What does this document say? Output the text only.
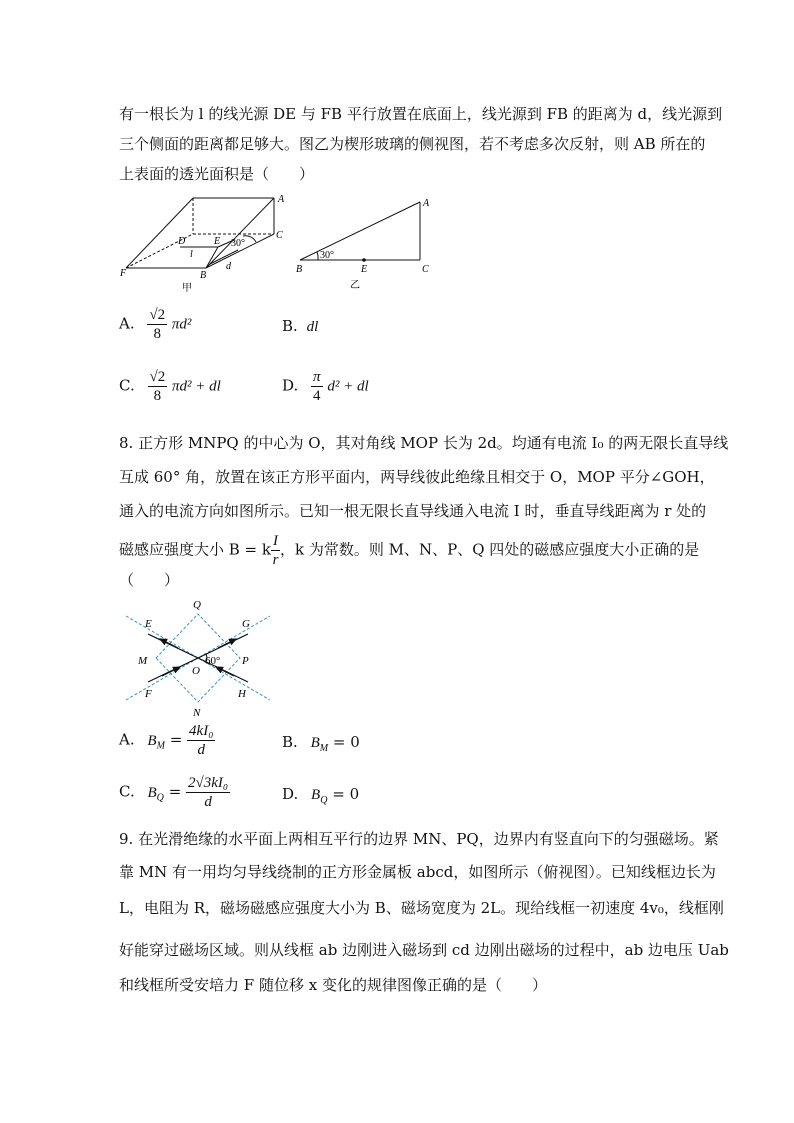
有一根长为 l 的线光源 DE 与 FB 平行放置在底面上，线光源到 FB 的距离为 d，线光源到
三个侧面的距离都足够大。图乙为楔形玻璃的侧视图，若不考虑多次反射，则 AB 所在的
上表面的透光面积是（　　）
A
C
D	E 30°
l
d
F	B
甲
A
B	C
E
30°
乙
A. $\frac{√2}{8} \pi d^2$	B. dl
C. $\frac{√2}{8} \pi d^2$ + dl	D. $\frac{\pi}{4} d^2$ + dl
8. 正方形 MNPQ 的中心为 O，其对角线 MOP 长为 2d。均通有电流 I₀ 的两无限长直导线
互成 60° 角，放置在该正方形平面内，两导线彼此绝缘且相交于 O，MOP 平分∠GOH，
通入的电流方向如图所示。已知一根无限长直导线通入电流 I 时，垂直导线距离为 r 处的
磁感应强度大小 B = k $\frac{I}{r}$ ，k 为常数。则 M、N、P、Q 四处的磁感应强度大小正确的是
（　　）
Q
E	G
M
O
P
60°
F	H
N
A. $B_M = \frac{\text{4kI₀}}{d}$	B. $B_M = 0$
C. $B_Q = \frac{\text{2√3kI₀}}{d}$	D. $B_Q = 0$
9. 在光滑绝缘的水平面上两相互平行的边界 MN、PQ，边界内有竖直向下的匀强磁场。紧
靠 MN 有一用均匀导线绕制的正方形金属板 abcd，如图所示（俯视图）。已知线框边长为
L，电阻为 R，磁场磁感应强度大小为 B、磁场宽度为 2L。现给线框一初速度 4v₀，线框刚
好能穿过磁场区域。则从线框 ab 边刚进入磁场到 cd 边刚出磁场的过程中，ab 边电压 Uab
和线框所受安培力 F 随位移 x 变化的规律图像正确的是（　　）
